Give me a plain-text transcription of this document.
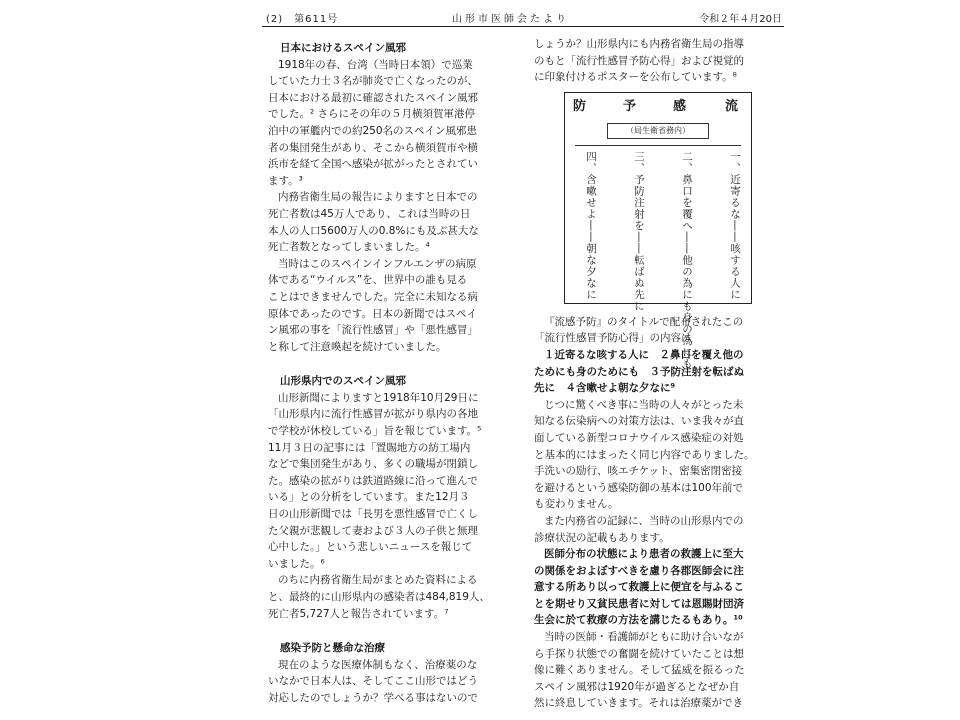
(2)　第611号	山形市医師会たより	令和２年４月20日
日本におけるスペイン風邪
1918年の春、台湾（当時日本領）で巡業
していた力士３名が肺炎で亡くなったのが、
日本における最初に確認されたスペイン風邪
でした。² さらにその年の５月横須賀軍港停
泊中の軍艦内での約250名のスペイン風邪患
者の集団発生があり、そこから横須賀市や横
浜市を経て全国へ感染が拡がったとされてい
ます。³
内務省衛生局の報告によりますと日本での
死亡者数は45万人であり、これは当時の日
本人の人口5600万人の0.8%にも及ぶ甚大な
死亡者数となってしまいました。⁴
当時はこのスペインインフルエンザの病原
体である“ウイルス”を、世界中の誰も見る
ことはできませんでした。完全に未知なる病
原体であったのです。日本の新聞ではスペイ
ン風邪の事を「流行性感冒」や「悪性感冒」
と称して注意喚起を続けていました。
山形県内でのスペイン風邪
山形新聞によりますと1918年10月29日に
「山形県内に流行性感冒が拡がり県内の各地
で学校が休校している」旨を報じています。⁵
11月３日の記事には「置賜地方の紡工場内
などで集団発生があり、多くの職場が閉鎖し
た。感染の拡がりは鉄道路線に沿って進んで
いる」との分析をしています。また12月３
日の山形新聞では「長男を悪性感冒で亡くし
た父親が悲観して妻および３人の子供と無理
心中した。」という悲しいニュースを報じて
いました。⁶
のちに内務省衛生局がまとめた資料による
と、最終的に山形県内の感染者は484,819人、
死亡者5,727人と報告されています。⁷
感染予防と懸命な治療
現在のような医療体制もなく、治療薬のな
いなかで日本人は、そしてここ山形ではどう
対応したのでしょうか？学べる事はないので
しょうか？山形県内にも内務省衛生局の指導
のもと「流行性感冒予防心得」および視覚的
に印象付けるポスターを公布しています。⁸
防	予	感	流
（局生衛省務内）
一、近寄るな――咳する人に
二、鼻口を覆へ――他の為にも身の為にも
三、予防注射を――転ばぬ先に
四、含嗽せよ――朝な夕なに
『流感予防』のタイトルで配布されたこの
「流行性感冒予防心得」の内容は
１近寄るな咳する人に　２鼻口を覆え他の
ためにも身のためにも　３予防注射を転ばぬ
先に　４含嗽せよ朝な夕なに⁹
じつに驚くべき事に当時の人々がとった未
知なる伝染病への対策方法は、いま我々が直
面している新型コロナウイルス感染症の対処
と基本的にはまったく同じ内容でありました。
手洗いの励行、咳エチケット、密集密閉密接
を避けるという感染防御の基本は100年前で
も変わりません。
また内務省の記録に、当時の山形県内での
診療状況の記載もあります。
医師分布の状態により患者の救護上に至大
の関係をおよぼすべきを慮り各郡医師会に注
意する所あり以って救護上に便宜を与ふるこ
とを期せり又貧民患者に対しては恩賜財団済
生会に於て救療の方法を講じたるもあり。¹⁰
当時の医師・看護師がともに助け合いなが
ら手探り状態での奮闘を続けていたことは想
像に難くありません。そして猛威を振るった
スペイン風邪は1920年が過ぎるとなぜか自
然に終息していきます。それは治療薬ができ
